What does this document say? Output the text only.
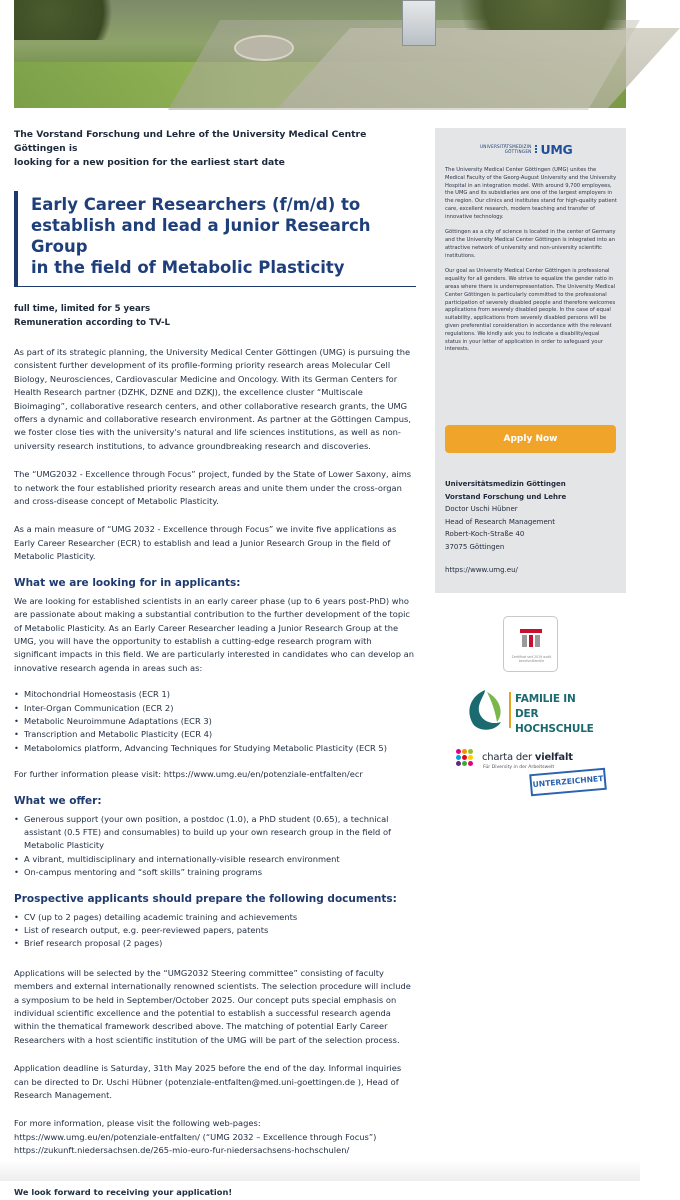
The Vorstand Forschung und Lehre of the University Medical Centre Göttingen is
looking for a new position for the earliest start date
Early Career Researchers (f/m/d) to
establish and lead a Junior Research Group
in the field of Metabolic Plasticity
full time, limited for 5 years
Remuneration according to TV-L

As part of its strategic planning, the University Medical Center Göttingen (UMG) is pursuing the consistent further development of its profile-forming priority research areas Molecular Cell Biology, Neurosciences, Cardiovascular Medicine and Oncology. With its German Centers for Health Research partner (DZHK, DZNE and DZKJ), the excellence cluster “Multiscale Bioimaging”, collaborative research centers, and other collaborative research grants, the UMG offers a dynamic and collaborative research environment. As partner at the Göttingen Campus, we foster close ties with the university's natural and life sciences institutions, as well as non-university research institutions, to advance groundbreaking research and discoveries.

The “UMG2032 - Excellence through Focus” project, funded by the State of Lower Saxony, aims to network the four established priority research areas and unite them under the cross-organ and cross-disease concept of Metabolic Plasticity.

As a main measure of “UMG 2032 - Excellence through Focus” we invite five applications as Early Career Researcher (ECR) to establish and lead a Junior Research Group in the field of Metabolic Plasticity.

What we are looking for in applicants:

We are looking for established scientists in an early career phase (up to 6 years post-PhD) who are passionate about making a substantial contribution to the further development of the topic of Metabolic Plasticity. As an Early Career Researcher leading a Junior Research Group at the UMG, you will have the opportunity to establish a cutting-edge research program with significant impacts in this field. We are particularly interested in candidates who can develop an innovative research agenda in areas such as:

• Mitochondrial Homeostasis (ECR 1)
• Inter-Organ Communication (ECR 2)
• Metabolic Neuroimmune Adaptations (ECR 3)
• Transcription and Metabolic Plasticity (ECR 4)
• Metabolomics platform, Advancing Techniques for Studying Metabolic Plasticity (ECR 5)

For further information please visit: https://www.umg.eu/en/potenziale-entfalten/ecr

What we offer:
• Generous support (your own position, a postdoc (1.0), a PhD student (0.65), a technical assistant (0.5 FTE) and consumables) to build up your own research group in the field of Metabolic Plasticity
• A vibrant, multidisciplinary and internationally-visible research environment
• On-campus mentoring and “soft skills” training programs
Prospective applicants should prepare the following documents:
• CV (up to 2 pages) detailing academic training and achievements
• List of research output, e.g. peer-reviewed papers, patents
• Brief research proposal (2 pages)

Applications will be selected by the “UMG2032 Steering committee” consisting of faculty members and external internationally renowned scientists. The selection procedure will include a symposium to be held in September/October 2025. Our concept puts special emphasis on individual scientific excellence and the potential to establish a successful research agenda within the thematical framework described above. The matching of potential Early Career Researchers with a host scientific institution of the UMG will be part of the selection process.

Application deadline is Saturday, 31th May 2025 before the end of the day. Informal inquiries can be directed to Dr. Uschi Hübner (potenziale-entfalten@med.uni-goettingen.de ), Head of Research Management.

For more information, please visit the following web-pages:
https://www.umg.eu/en/potenziale-entfalten/ (“UMG 2032 – Excellence through Focus”)
https://zukunft.niedersachsen.de/265-mio-euro-fur-niedersachsens-hochschulen/

We look forward to receiving your application!

UNIVERSITÄTSMEDIZIN
GÖTTINGEN UMG

The University Medical Center Göttingen (UMG) unites the Medical Faculty of the Georg-August University and the University Hospital in an integration model. With around 9,700 employees, the UMG and its subsidiaries are one of the largest employers in the region. Our clinics and institutes stand for high-quality patient care, excellent research, modern teaching and transfer of innovative technology.

Göttingen as a city of science is located in the center of Germany and the University Medical Center Göttingen is integrated into an attractive network of university and non-university scientific institutions.

Our goal as University Medical Center Göttingen is professional equality for all genders. We strive to equalize the gender ratio in areas where there is underrepresentation. The University Medical Center Göttingen is particularly committed to the professional participation of severely disabled people and therefore welcomes applications from severely disabled people. In the case of equal suitability, applications from severely disabled persons will be given preferential consideration in accordance with the relevant regulations. We kindly ask you to indicate a disability/equal status in your letter of application in order to safeguard your interests.

Apply Now
Universitätsmedizin Göttingen
Vorstand Forschung und Lehre
Doctor Uschi Hübner
Head of Research Management
Robert-Koch-Straße 40
37075 Göttingen
https://www.umg.eu/
Zertifikat seit 2019 audit berufundfamilie
FAMILIE IN DER
HOCHSCHULE
charta der vielfalt
Für Diversity in der Arbeitswelt
UNTERZEICHNET
